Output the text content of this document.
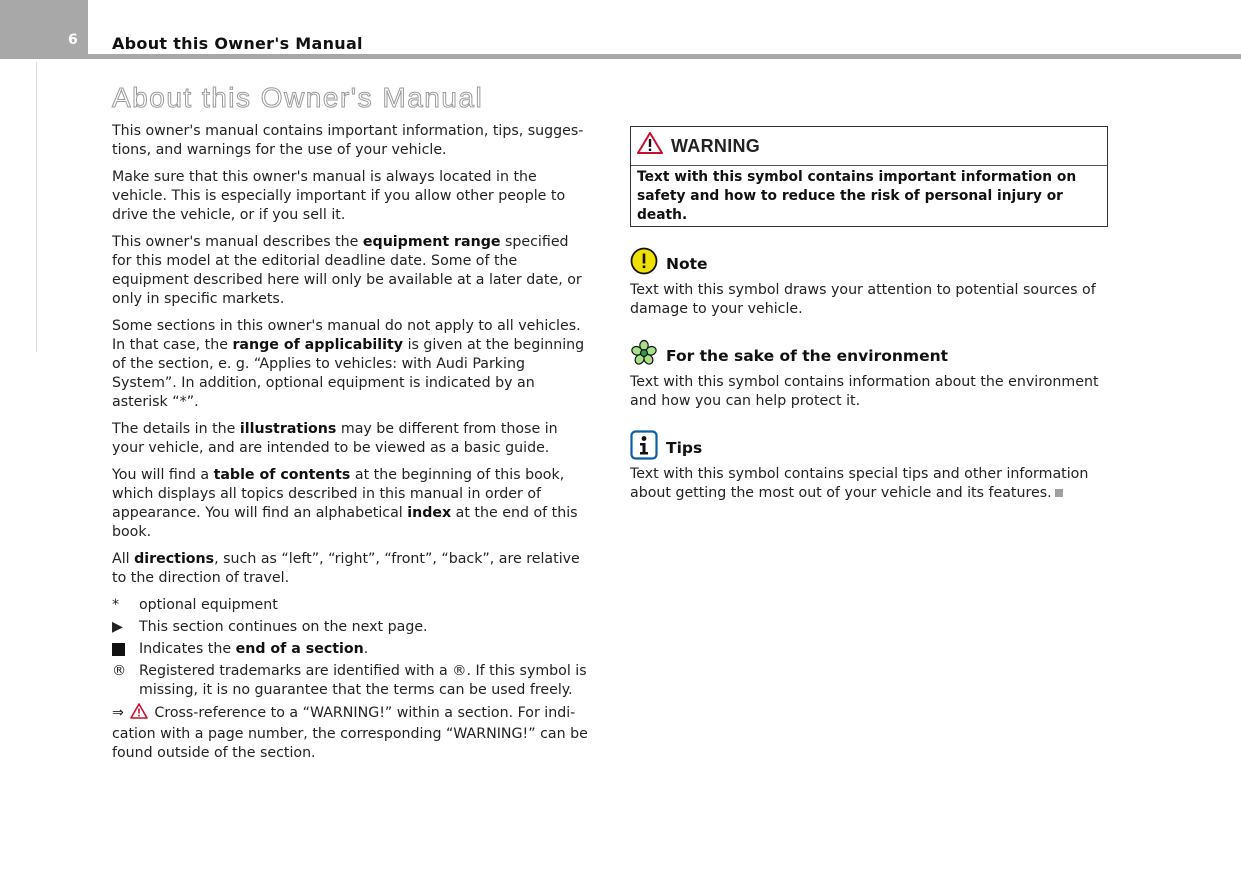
6 About this Owner's Manual
About this Owner's Manual

This owner's manual contains important information, tips, sugges-tions, and warnings for the use of your vehicle.

Make sure that this owner's manual is always located in the vehicle. This is especially important if you allow other people to drive the vehicle, or if you sell it.

This owner's manual describes the equipment range specified for this model at the editorial deadline date. Some of the equipment described here will only be available at a later date, or only in specific markets.

Some sections in this owner's manual do not apply to all vehicles. In that case, the range of applicability is given at the beginning of the section, e. g. “Applies to vehicles: with Audi Parking System”. In addition, optional equipment is indicated by an asterisk “*”.

The details in the illustrations may be different from those in your vehicle, and are intended to be viewed as a basic guide.

You will find a table of contents at the beginning of this book, which displays all topics described in this manual in order of appearance. You will find an alphabetical index at the end of this book.

All directions, such as “left”, “right”, “front”, “back”, are relative to the direction of travel.

*	optional equipment
▶	This section continues on the next page.
Indicates the end of a section.
® Registered trademarks are identified with a ®. If this symbol is missing, it is no guarantee that the terms can be used freely.

⇒ Cross-reference to a “WARNING!” within a section. For indi-cation with a page number, the corresponding “WARNING!” can be found outside of the section.

WARNING
Text with this symbol contains important information on safety and how to reduce the risk of personal injury or death.
Note
Text with this symbol draws your attention to potential sources of damage to your vehicle.
For the sake of the environment
Text with this symbol contains information about the environment and how you can help protect it.
Tips
Text with this symbol contains special tips and other information about getting the most out of your vehicle and its features.
